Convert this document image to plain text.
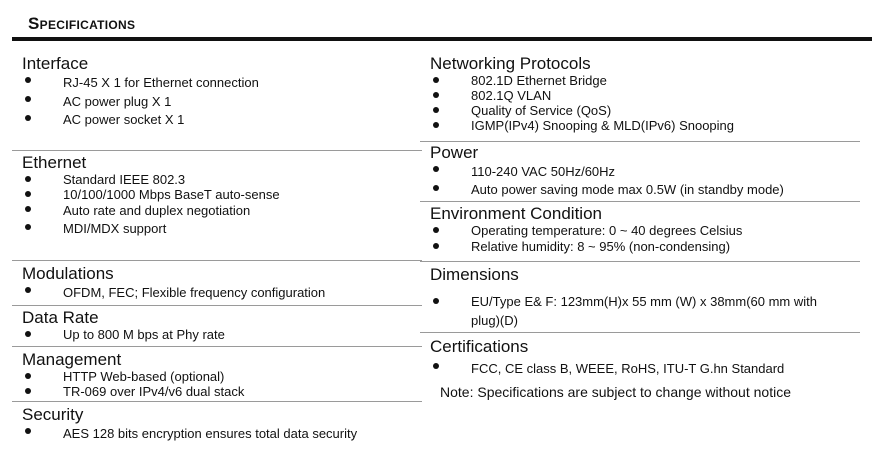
Specifications
Interface
RJ-45 X 1 for Ethernet connection
AC power plug X 1
AC power socket X 1
Ethernet
Standard IEEE 802.3
10/100/1000 Mbps BaseT auto-sense
Auto rate and duplex negotiation
MDI/MDX support
Modulations
OFDM, FEC; Flexible frequency configuration
Data Rate
Up to 800 M bps at Phy rate
Management
HTTP Web-based (optional)
TR-069 over IPv4/v6 dual stack
Security
AES 128 bits encryption ensures total data security
Networking Protocols
802.1D Ethernet Bridge
802.1Q VLAN
Quality of Service (QoS)
IGMP(IPv4) Snooping & MLD(IPv6) Snooping
Power
110-240 VAC 50Hz/60Hz
Auto power saving mode max 0.5W (in standby mode)
Environment Condition
Operating temperature: 0 ~ 40 degrees Celsius
Relative humidity: 8 ~ 95% (non-condensing)
Dimensions
EU/Type E& F: 123mm(H)x 55 mm (W) x 38mm(60 mm with plug)(D)
Certifications
FCC, CE class B, WEEE, RoHS, ITU-T G.hn Standard
Note: Specifications are subject to change without notice
